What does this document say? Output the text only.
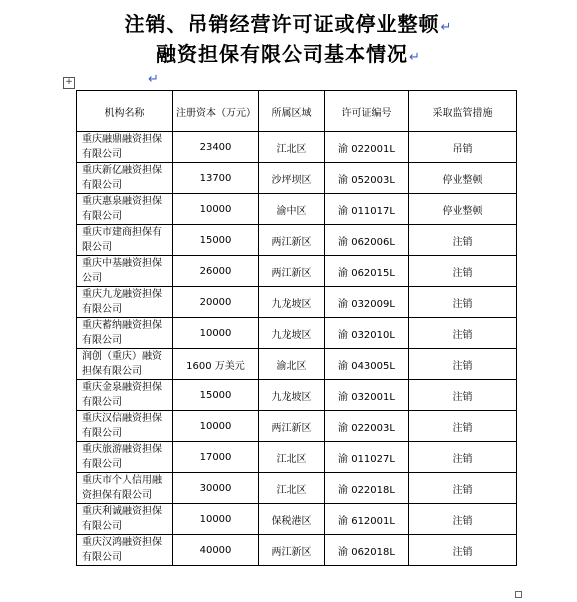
注销、吊销经营许可证或停业整顿↵
融资担保有限公司基本情况↵
+	↵
机构名称	注册资本（万元）	所属区域	许可证编号	采取监管措施
重庆融鼎融资担保有限公司	23400	江北区	渝 022001L	吊销
重庆新亿融资担保有限公司	13700	沙坪坝区	渝 052003L	停业整顿
重庆惠泉融资担保有限公司	10000	渝中区	渝 011017L	停业整顿
重庆市建商担保有限公司	15000	两江新区	渝 062006L	注销
重庆中基融资担保公司	26000	两江新区	渝 062015L	注销
重庆九龙融资担保有限公司	20000	九龙坡区	渝 032009L	注销
重庆蓄纳融资担保有限公司	10000	九龙坡区	渝 032010L	注销
润创（重庆）融资担保有限公司	1600 万美元	渝北区	渝 043005L	注销
重庆金泉融资担保有限公司	15000	九龙坡区	渝 032001L	注销
重庆汉信融资担保有限公司	10000	两江新区	渝 022003L	注销
重庆旅游融资担保有限公司	17000	江北区	渝 011027L	注销
重庆市个人信用融资担保有限公司	30000	江北区	渝 022018L	注销
重庆利诚融资担保有限公司	10000	保税港区	渝 612001L	注销
重庆汉鸿融资担保有限公司	40000	两江新区	渝 062018L	注销
